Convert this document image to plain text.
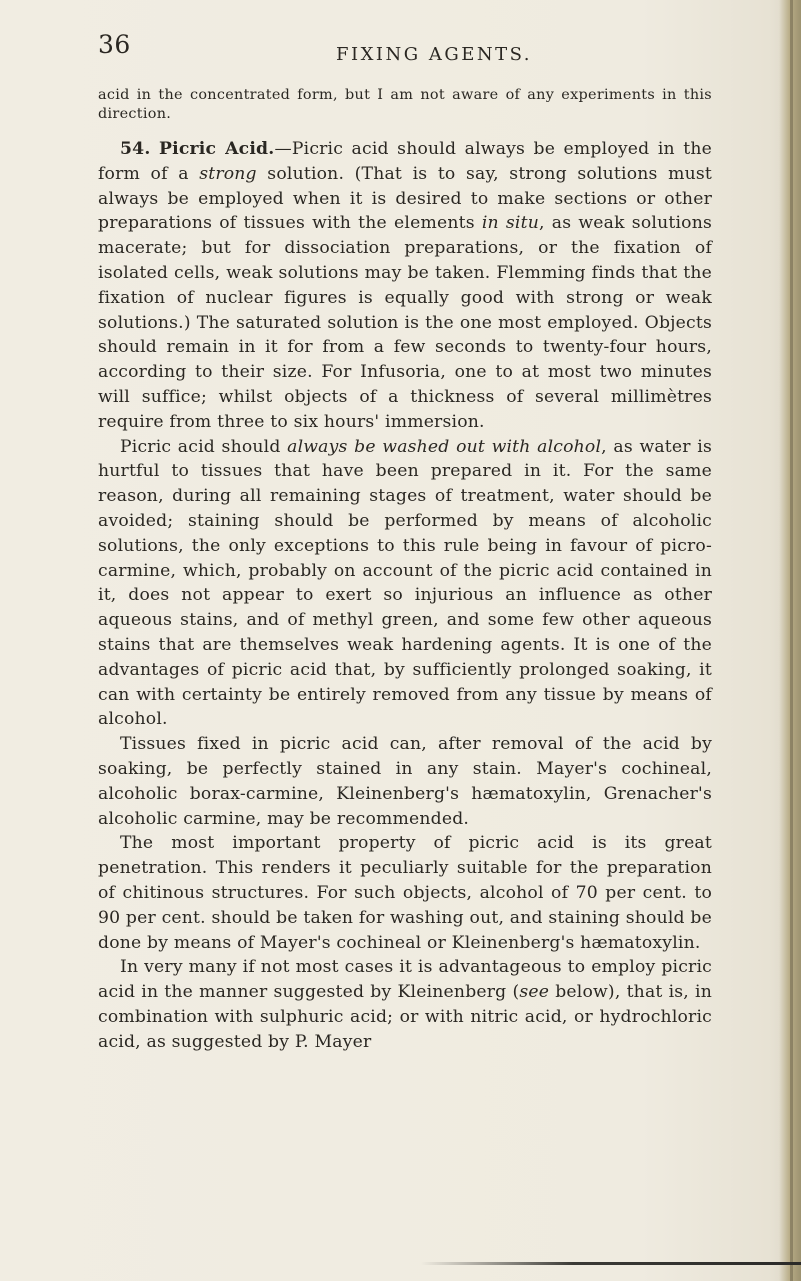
36	FIXING AGENTS.

acid in the concentrated form, but I am not aware of any experiments in this direction.

54. Picric Acid.—Picric acid should always be employed in the form of a strong solution. (That is to say, strong solutions must always be employed when it is desired to make sections or other preparations of tissues with the elements in situ, as weak solutions macerate; but for dissociation preparations, or the fixation of isolated cells, weak solutions may be taken. Flemming finds that the fixation of nuclear figures is equally good with strong or weak solutions.) The saturated solution is the one most employed. Objects should remain in it for from a few seconds to twenty-four hours, according to their size. For Infusoria, one to at most two minutes will suffice; whilst objects of a thickness of several millimètres require from three to six hours' immersion.

Picric acid should always be washed out with alcohol, as water is hurtful to tissues that have been prepared in it. For the same reason, during all remaining stages of treatment, water should be avoided; staining should be performed by means of alcoholic solutions, the only exceptions to this rule being in favour of picro-carmine, which, probably on account of the picric acid contained in it, does not appear to exert so injurious an influence as other aqueous stains, and of methyl green, and some few other aqueous stains that are themselves weak hardening agents. It is one of the advantages of picric acid that, by sufficiently prolonged soaking, it can with certainty be entirely removed from any tissue by means of alcohol.

Tissues fixed in picric acid can, after removal of the acid by soaking, be perfectly stained in any stain. Mayer's cochineal, alcoholic borax-carmine, Kleinenberg's hæmatoxylin, Grenacher's alcoholic carmine, may be recommended.

The most important property of picric acid is its great penetration. This renders it peculiarly suitable for the preparation of chitinous structures. For such objects, alcohol of 70 per cent. to 90 per cent. should be taken for washing out, and staining should be done by means of Mayer's cochineal or Kleinenberg's hæmatoxylin.

In very many if not most cases it is advantageous to employ picric acid in the manner suggested by Kleinenberg (see below), that is, in combination with sulphuric acid; or with nitric acid, or hydrochloric acid, as suggested by P. Mayer
